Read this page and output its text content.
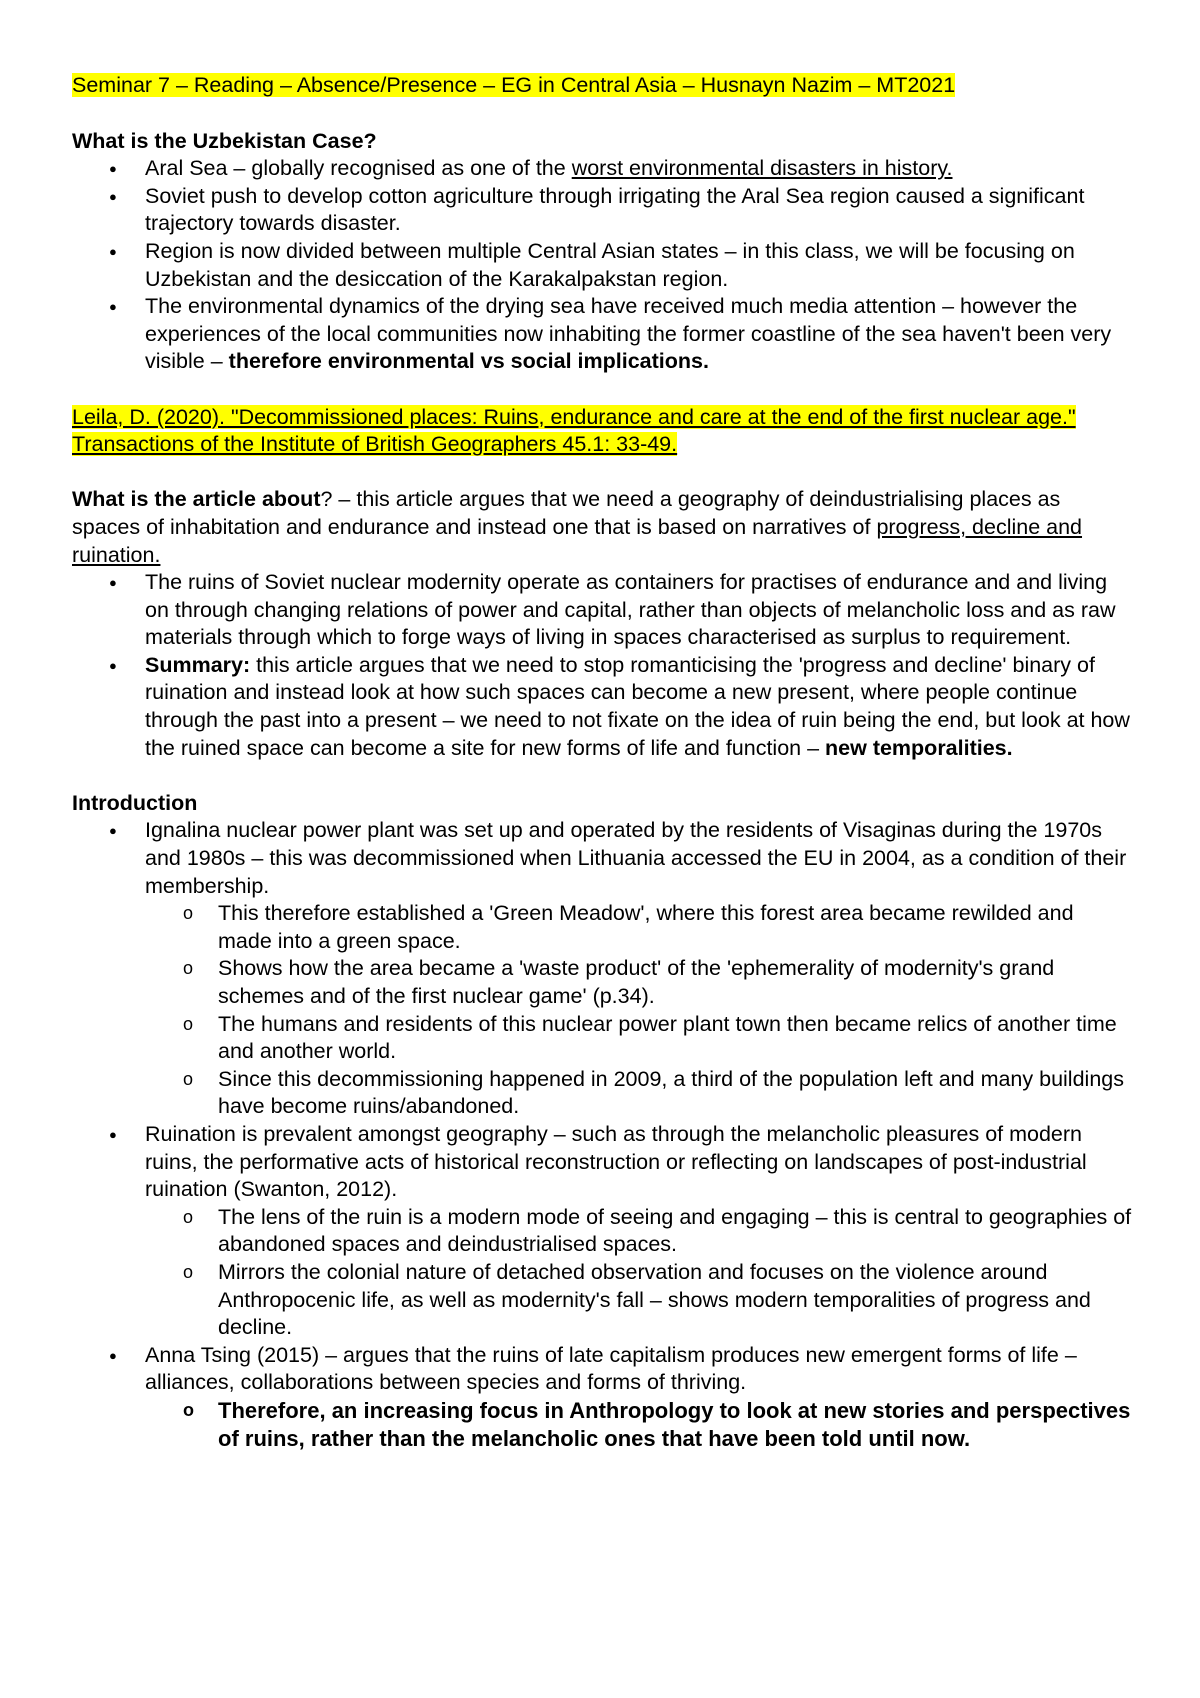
Seminar 7 – Reading – Absence/Presence – EG in Central Asia – Husnayn Nazim – MT2021

What is the Uzbekistan Case?

● Aral Sea – globally recognised as one of the worst environmental disasters in history.
● Soviet push to develop cotton agriculture through irrigating the Aral Sea region caused a significant trajectory towards disaster.
● Region is now divided between multiple Central Asian states – in this class, we will be focusing on Uzbekistan and the desiccation of the Karakalpakstan region.
● The environmental dynamics of the drying sea have received much media attention – however the experiences of the local communities now inhabiting the former coastline of the sea haven't been very visible – therefore environmental vs social implications.

Leila, D. (2020). "Decommissioned places: Ruins, endurance and care at the end of the first nuclear age." Transactions of the Institute of British Geographers 45.1: 33-49.

What is the article about? – this article argues that we need a geography of deindustrialising places as spaces of inhabitation and endurance and instead one that is based on narratives of progress, decline and ruination.

● The ruins of Soviet nuclear modernity operate as containers for practises of endurance and and living on through changing relations of power and capital, rather than objects of melancholic loss and as raw materials through which to forge ways of living in spaces characterised as surplus to requirement.
● Summary: this article argues that we need to stop romanticising the 'progress and decline' binary of ruination and instead look at how such spaces can become a new present, where people continue through the past into a present – we need to not fixate on the idea of ruin being the end, but look at how the ruined space can become a site for new forms of life and function – new temporalities.

Introduction

● Ignalina nuclear power plant was set up and operated by the residents of Visaginas during the 1970s and 1980s – this was decommissioned when Lithuania accessed the EU in 2004, as a condition of their membership.
o This therefore established a 'Green Meadow', where this forest area became rewilded and made into a green space.
o Shows how the area became a 'waste product' of the 'ephemerality of modernity's grand schemes and of the first nuclear game' (p.34).
o The humans and residents of this nuclear power plant town then became relics of another time and another world.
o Since this decommissioning happened in 2009, a third of the population left and many buildings have become ruins/abandoned.
● Ruination is prevalent amongst geography – such as through the melancholic pleasures of modern ruins, the performative acts of historical reconstruction or reflecting on landscapes of post-industrial ruination (Swanton, 2012).
o The lens of the ruin is a modern mode of seeing and engaging – this is central to geographies of abandoned spaces and deindustrialised spaces.
o Mirrors the colonial nature of detached observation and focuses on the violence around Anthropocenic life, as well as modernity's fall – shows modern temporalities of progress and decline.
● Anna Tsing (2015) – argues that the ruins of late capitalism produces new emergent forms of life – alliances, collaborations between species and forms of thriving.
o Therefore, an increasing focus in Anthropology to look at new stories and perspectives of ruins, rather than the melancholic ones that have been told until now.
